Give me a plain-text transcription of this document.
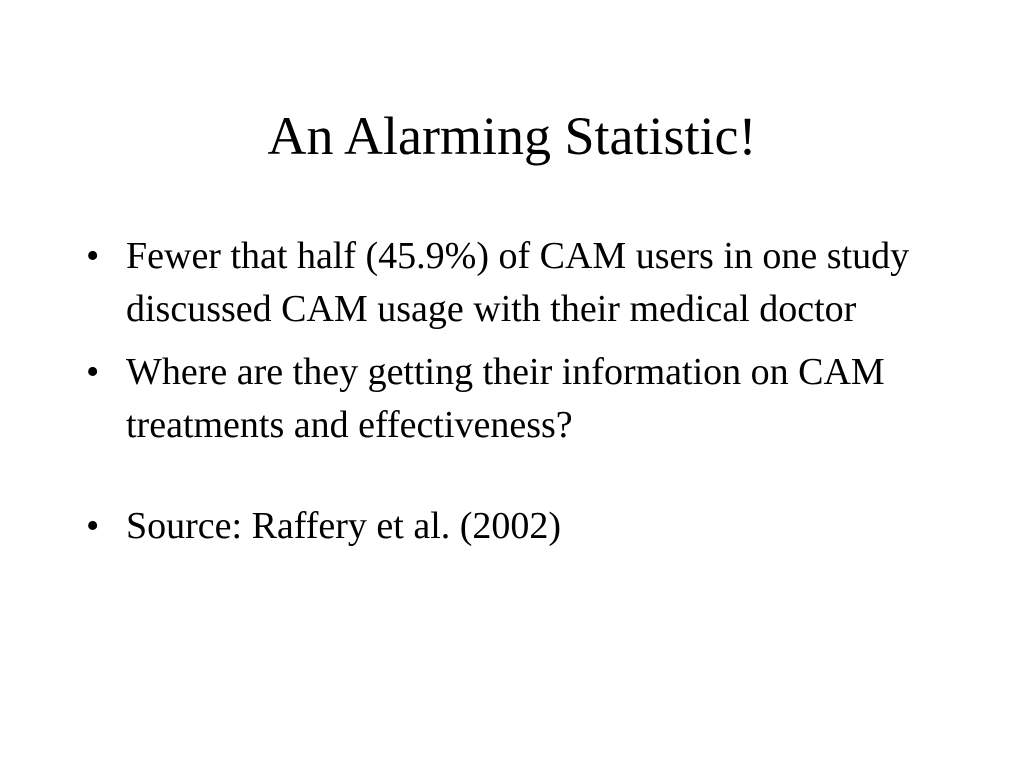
An Alarming Statistic!
• Fewer that half (45.9%) of CAM users in one study discussed CAM usage with their medical doctor
• Where are they getting their information on CAM treatments and effectiveness?
• Source: Raffery et al. (2002)
